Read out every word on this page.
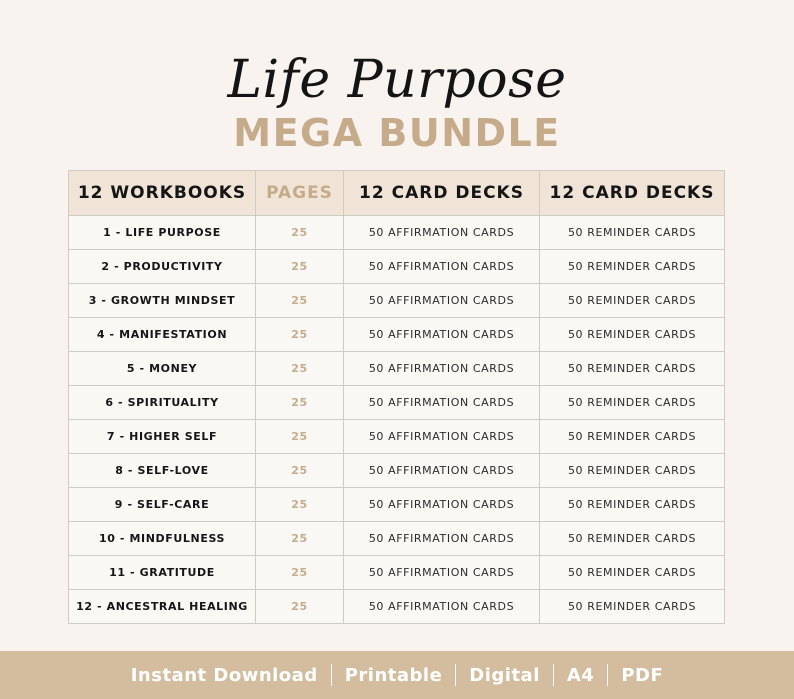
Life Purpose
MEGA BUNDLE
12 WORKBOOKS	PAGES	12 CARD DECKS	12 CARD DECKS
1 - LIFE PURPOSE	25	50 AFFIRMATION CARDS	50 REMINDER CARDS
2 - PRODUCTIVITY	25	50 AFFIRMATION CARDS	50 REMINDER CARDS
3 - GROWTH MINDSET	25	50 AFFIRMATION CARDS	50 REMINDER CARDS
4 - MANIFESTATION	25	50 AFFIRMATION CARDS	50 REMINDER CARDS
5 - MONEY	25	50 AFFIRMATION CARDS	50 REMINDER CARDS
6 - SPIRITUALITY	25	50 AFFIRMATION CARDS	50 REMINDER CARDS
7 - HIGHER SELF	25	50 AFFIRMATION CARDS	50 REMINDER CARDS
8 - SELF-LOVE	25	50 AFFIRMATION CARDS	50 REMINDER CARDS
9 - SELF-CARE	25	50 AFFIRMATION CARDS	50 REMINDER CARDS
10 - MINDFULNESS	25	50 AFFIRMATION CARDS	50 REMINDER CARDS
11 - GRATITUDE	25	50 AFFIRMATION CARDS	50 REMINDER CARDS
12 - ANCESTRAL HEALING	25	50 AFFIRMATION CARDS	50 REMINDER CARDS
Instant Download Printable Digital A4 PDF
